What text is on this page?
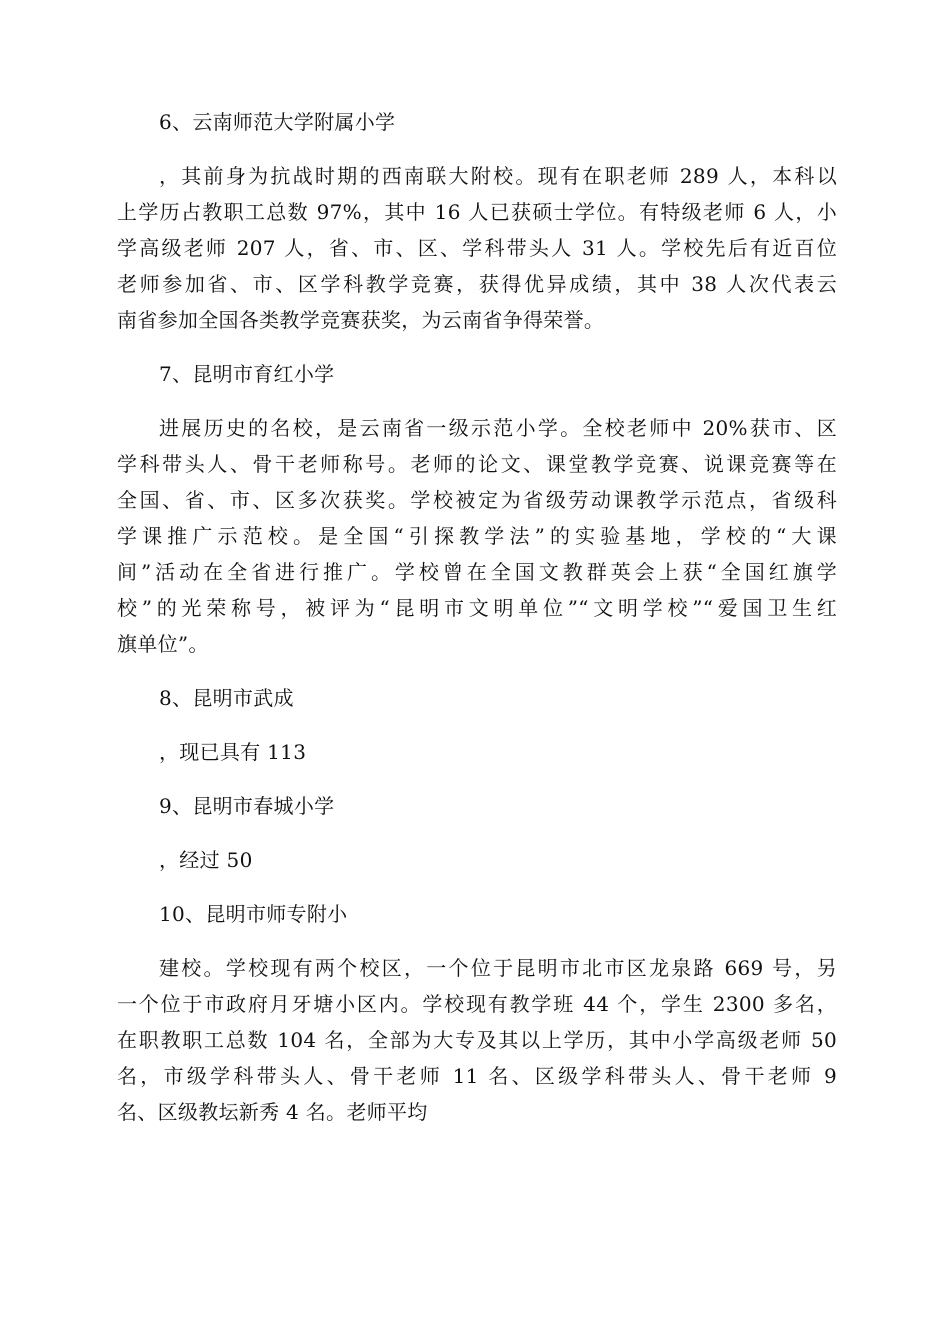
6、云南师范大学附属小学
，其前身为抗战时期的西南联大附校。现有在职老师 289 人，本科以
上学历占教职工总数 97%，其中 16 人已获硕士学位。有特级老师 6 人，小
学高级老师 207 人，省、市、区、学科带头人 31 人。学校先后有近百位
老师参加省、市、区学科教学竞赛，获得优异成绩，其中 38 人次代表云
南省参加全国各类教学竞赛获奖，为云南省争得荣誉。
7、昆明市育红小学
进展历史的名校，是云南省一级示范小学。全校老师中 20%获市、区
学科带头人、骨干老师称号。老师的论文、课堂教学竞赛、说课竞赛等在
全国、省、市、区多次获奖。学校被定为省级劳动课教学示范点，省级科
学课推广示范校。是全国“引探教学法”的实验基地，学校的“大课
间”活动在全省进行推广。学校曾在全国文教群英会上获“全国红旗学
校”的光荣称号，被评为“昆明市文明单位”“文明学校”“爱国卫生红
旗单位”。
8、昆明市武成
，现已具有 113
9、昆明市春城小学
，经过 50
10、昆明市师专附小
建校。学校现有两个校区，一个位于昆明市北市区龙泉路 669 号，另
一个位于市政府月牙塘小区内。学校现有教学班 44 个，学生 2300 多名，
在职教职工总数 104 名，全部为大专及其以上学历，其中小学高级老师 50
名，市级学科带头人、骨干老师 11 名、区级学科带头人、骨干老师 9
名、区级教坛新秀 4 名。老师平均
